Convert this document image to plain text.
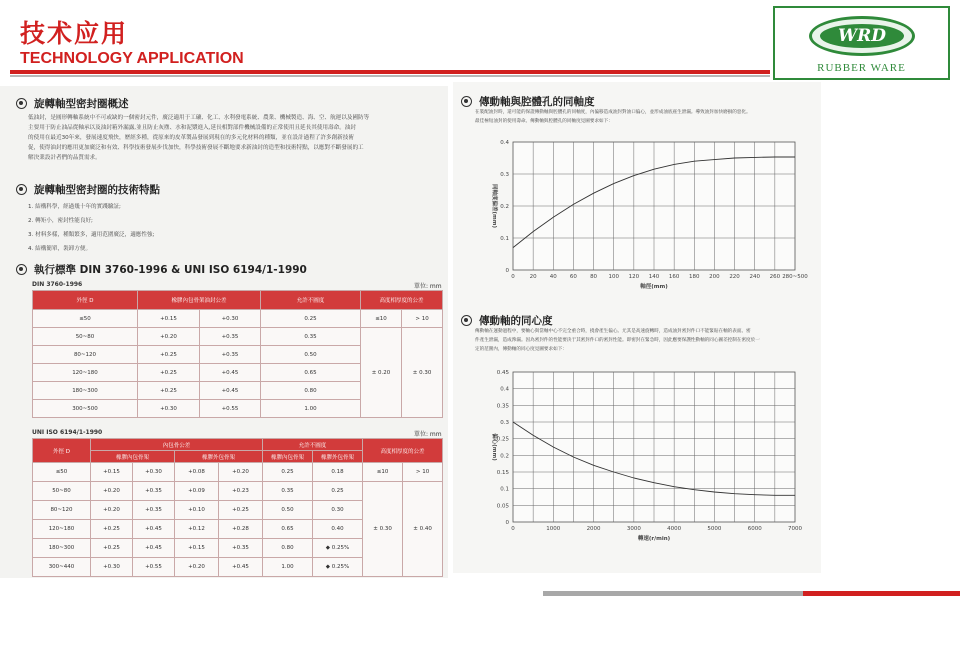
技术应用
TECHNOLOGY APPLICATION
WRD
RUBBER WARE
旋轉軸型密封圈概述
低油封，是圓形轉軸系統中不可或缺的一個密封元件，廣泛適用于工礦、化工、水利發電系統、農業、機械製造、海、空、航運以及國防等
主要用于防止油品從軸承以及油封箱外漏露,並且防止灰塵、水和泥漿進入,延長相對部件機械設備的正常使用且延長其使用壽命。油封
的使用在最近30年來，發展速度飛快，歷經多種，從原來的皮革製品發展到現在的多元化材料的種類，並在設計過程了許多創新技術
促，使得油封的應用更加廣泛和有效、科學技術發展步伐加快，科學技術發展不斷地要求新油封的造型和技術特點，以應對不斷發展的工
解決業設計者們的品質需求。
旋轉軸型密封圈的技術特點
1. 結構科學，經過幾十年的實踐驗証;
2. 轉矩小，密封性能良好;
3. 材料多樣，種類繁多，適用范圍廣泛，適應性強;
4. 結構簡單，裝卸方便。
執行標準 DIN 3760-1996 & UNI ISO 6194/1-1990
DIN 3760-1996	單位: mm
外徑 D	橡膠內包骨架油封公差		允許不圓度	高度相厚度的公差	
≤50	+0.15	+0.30	0.25	≤10	> 10
50~80	+0.20	+0.35	0.35	± 0.20	± 0.30
80~120	+0.25	+0.35	0.50		
120~180	+0.25	+0.45	0.65		
180~300	+0.25	+0.45	0.80		
300~500	+0.30	+0.55	1.00		
UNI ISO 6194/1-1990	單位: mm
外徑 D	內包骨公差				允許不圓度		高度相厚度的公差	
	橡膠內包骨架		橡膠外包骨架		橡膠內包骨架	橡膠外包骨架		
≤50	+0.15	+0.30	+0.08	+0.20	0.25	0.18	≤10	> 10
50~80	+0.20	+0.35	+0.09	+0.23	0.35	0.25	± 0.30	± 0.40
80~120	+0.20	+0.35	+0.10	+0.25	0.50	0.30		
120~180	+0.25	+0.45	+0.12	+0.28	0.65	0.40		
180~300	+0.25	+0.45	+0.15	+0.35	0.80	◆ 0.25%		
300~440	+0.30	+0.55	+0.20	+0.45	1.00	◆ 0.25%		
傳動軸與腔體孔的同軸度
在裝配油封時，還可能的保證傳動軸與腔體孔的同軸度，內偏移造成油封對油口偏心，並形成油底座生泄漏。導致油封加快磨損的惡化。
最佳極短油封的使用壽命。傳動軸與腔體孔的同軸度見圖要求如下：
0
0.1
0.2
0.3
0.4
0	20 40 60 80 100 120 140 160 180 200 220 240 260 280~500
軸徑(mm)
同軸度偏差(mm)
傳動軸的同心度
傳動軸在運動過程中，要軸心與當軸中心不完全重合時，撓會產生偏心。尤其是高速旋轉時，造成油封密封件口不能緊貼在軸的表面。密
件產生泄漏，造成滲漏。因為密封件的性能要決于其密封件口的密封性能。即密封在緊急時，因此應要保護性動軸的同心圖差控制在密度於一
定的范圍內，傳動軸的同心度見圖要求如下：
0
0.05
0.1
0.15
0.2
0.25
0.3
0.35
0.4
0.45
0	1000	2000	3000	4000	5000	6000	7000
轉速(r/min)
偏心(mm)
